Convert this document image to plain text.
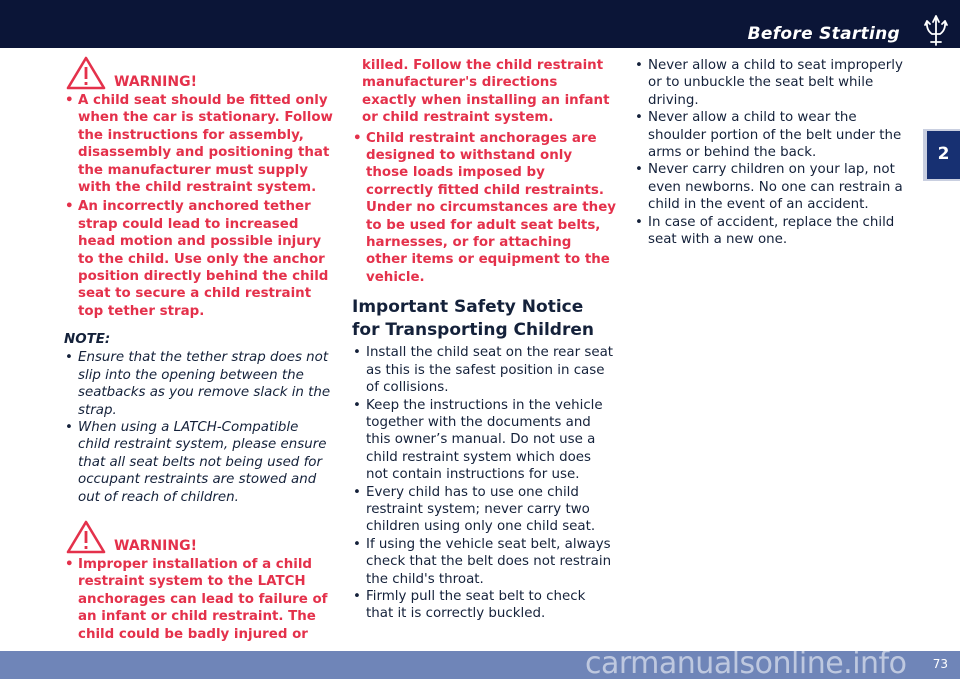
Before Starting
2
WARNING!
• A child seat should be fitted only when the car is stationary. Follow the instructions for assembly, disassembly and positioning that the manufacturer must supply with the child restraint system.
• An incorrectly anchored tether strap could lead to increased head motion and possible injury to the child. Use only the anchor position directly behind the child seat to secure a child restraint top tether strap.
NOTE:
• Ensure that the tether strap does not slip into the opening between the seatbacks as you remove slack in the strap.
• When using a LATCH-Compatible child restraint system, please ensure that all seat belts not being used for occupant restraints are stowed and out of reach of children.
WARNING!
• Improper installation of a child restraint system to the LATCH anchorages can lead to failure of an infant or child restraint. The child could be badly injured or
killed. Follow the child restraint manufacturer's directions exactly when installing an infant or child restraint system.
• Child restraint anchorages are designed to withstand only those loads imposed by correctly fitted child restraints. Under no circumstances are they to be used for adult seat belts, harnesses, or for attaching other items or equipment to the vehicle.
Important Safety Notice for Transporting Children
• Install the child seat on the rear seat as this is the safest position in case of collisions.
• Keep the instructions in the vehicle together with the documents and this owner’s manual. Do not use a child restraint system which does not contain instructions for use.
• Every child has to use one child restraint system; never carry two children using only one child seat.
• If using the vehicle seat belt, always check that the belt does not restrain the child's throat.
• Firmly pull the seat belt to check that it is correctly buckled.
• Never allow a child to seat improperly or to unbuckle the seat belt while driving.
• Never allow a child to wear the shoulder portion of the belt under the arms or behind the back.
• Never carry children on your lap, not even newborns. No one can restrain a child in the event of an accident.
• In case of accident, replace the child seat with a new one.
carmanualsonline.info 73
